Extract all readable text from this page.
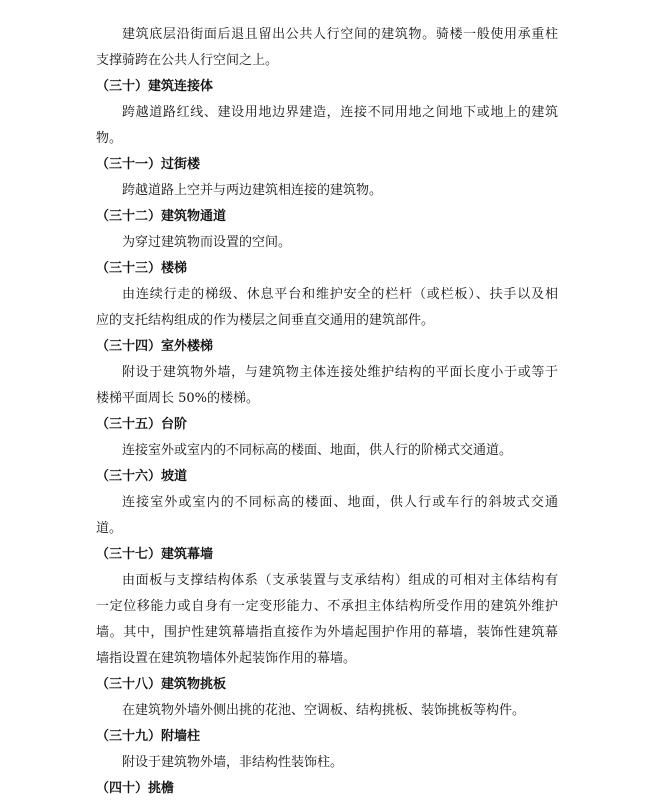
建筑底层沿街面后退且留出公共人行空间的建筑物。骑楼一般使用承重柱
支撑骑跨在公共人行空间之上。
（三十）建筑连接体
跨越道路红线、建设用地边界建造，连接不同用地之间地下或地上的建筑
物。
（三十一）过街楼
跨越道路上空并与两边建筑相连接的建筑物。
（三十二）建筑物通道
为穿过建筑物而设置的空间。
（三十三）楼梯
由连续行走的梯级、休息平台和维护安全的栏杆（或栏板）、扶手以及相
应的支托结构组成的作为楼层之间垂直交通用的建筑部件。
（三十四）室外楼梯
附设于建筑物外墙，与建筑物主体连接处维护结构的平面长度小于或等于
楼梯平面周长 50%的楼梯。
（三十五）台阶
连接室外或室内的不同标高的楼面、地面，供人行的阶梯式交通道。
（三十六）坡道
连接室外或室内的不同标高的楼面、地面，供人行或车行的斜坡式交通
道。
（三十七）建筑幕墙
由面板与支撑结构体系（支承装置与支承结构）组成的可相对主体结构有
一定位移能力或自身有一定变形能力、不承担主体结构所受作用的建筑外维护
墙。其中，围护性建筑幕墙指直接作为外墙起围护作用的幕墙，装饰性建筑幕
墙指设置在建筑物墙体外起装饰作用的幕墙。
（三十八）建筑物挑板
在建筑物外墙外侧出挑的花池、空调板、结构挑板、装饰挑板等构件。
（三十九）附墙柱
附设于建筑物外墙，非结构性装饰柱。
（四十）挑檐
